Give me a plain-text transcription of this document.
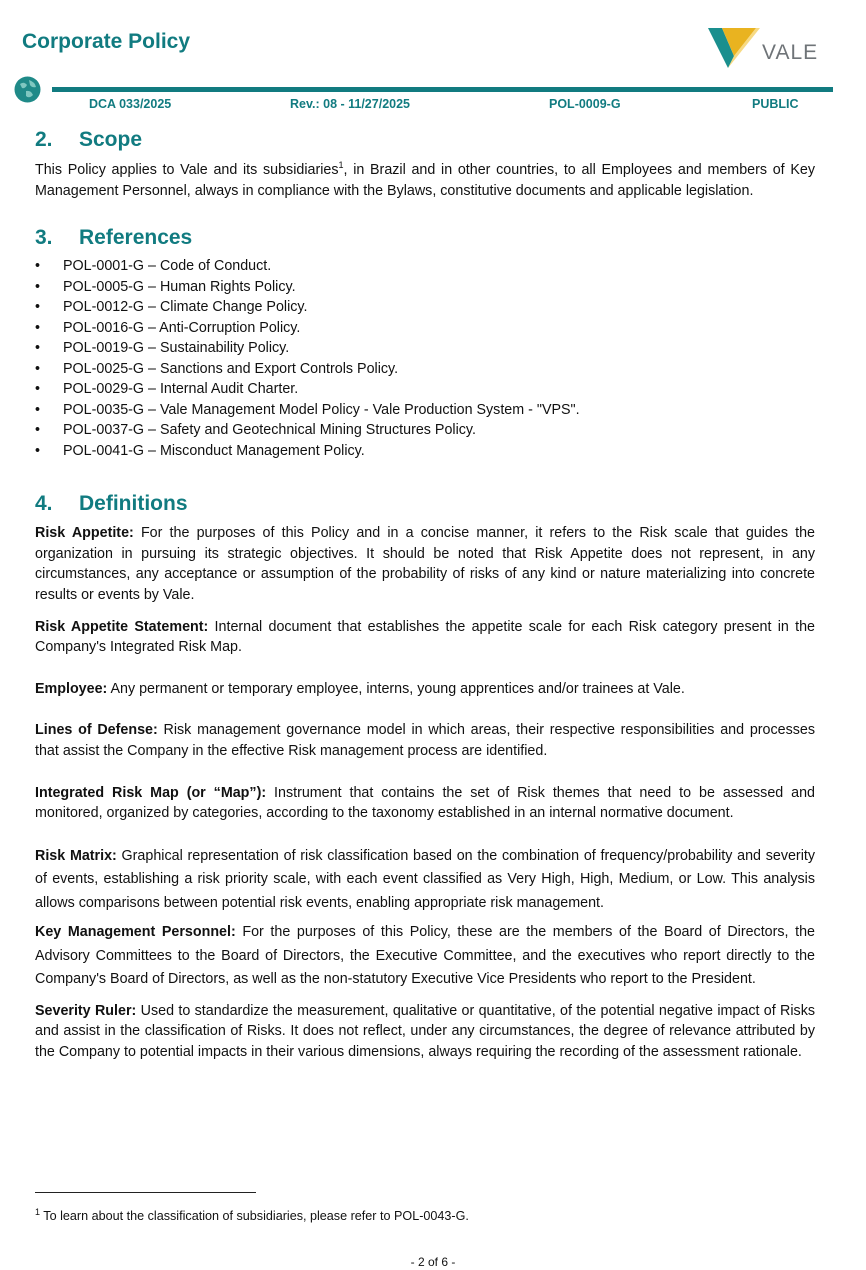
Corporate Policy	VALE
DCA 033/2025	Rev.: 08 - 11/27/2025	POL-0009-G	PUBLIC
2. Scope

This Policy applies to Vale and its subsidiaries$^1$, in Brazil and in other countries, to all Employees and members of Key Management Personnel, always in compliance with the Bylaws, constitutive documents and applicable legislation.

3. References
• POL-0001-G – Code of Conduct.
• POL-0005-G – Human Rights Policy.
• POL-0012-G – Climate Change Policy.
• POL-0016-G – Anti-Corruption Policy.
• POL-0019-G – Sustainability Policy.
• POL-0025-G – Sanctions and Export Controls Policy.
• POL-0029-G – Internal Audit Charter.
• POL-0035-G – Vale Management Model Policy - Vale Production System - "VPS".
• POL-0037-G – Safety and Geotechnical Mining Structures Policy.
• POL-0041-G – Misconduct Management Policy.
4. Definitions

Risk Appetite: For the purposes of this Policy and in a concise manner, it refers to the Risk scale that guides the organization in pursuing its strategic objectives. It should be noted that Risk Appetite does not represent, in any circumstances, any acceptance or assumption of the probability of risks of any kind or nature materializing into concrete results or events by Vale.

Risk Appetite Statement: Internal document that establishes the appetite scale for each Risk category present in the Company's Integrated Risk Map.

Employee: Any permanent or temporary employee, interns, young apprentices and/or trainees at Vale.

Lines of Defense: Risk management governance model in which areas, their respective responsibilities and processes that assist the Company in the effective Risk management process are identified.

Integrated Risk Map (or “Map”): Instrument that contains the set of Risk themes that need to be assessed and monitored, organized by categories, according to the taxonomy established in an internal normative document.

Risk Matrix: Graphical representation of risk classification based on the combination of frequency/probability and severity of events, establishing a risk priority scale, with each event classified as Very High, High, Medium, or Low. This analysis allows comparisons between potential risk events, enabling appropriate risk management.

Key Management Personnel: For the purposes of this Policy, these are the members of the Board of Directors, the Advisory Committees to the Board of Directors, the Executive Committee, and the executives who report directly to the Company's Board of Directors, as well as the non-statutory Executive Vice Presidents who report to the President.

Severity Ruler: Used to standardize the measurement, qualitative or quantitative, of the potential negative impact of Risks and assist in the classification of Risks. It does not reflect, under any circumstances, the degree of relevance attributed by the Company to potential impacts in their various dimensions, always requiring the recording of the assessment rationale.

$^1$ To learn about the classification of subsidiaries, please refer to POL-0043-G.
- 2 of 6 -
